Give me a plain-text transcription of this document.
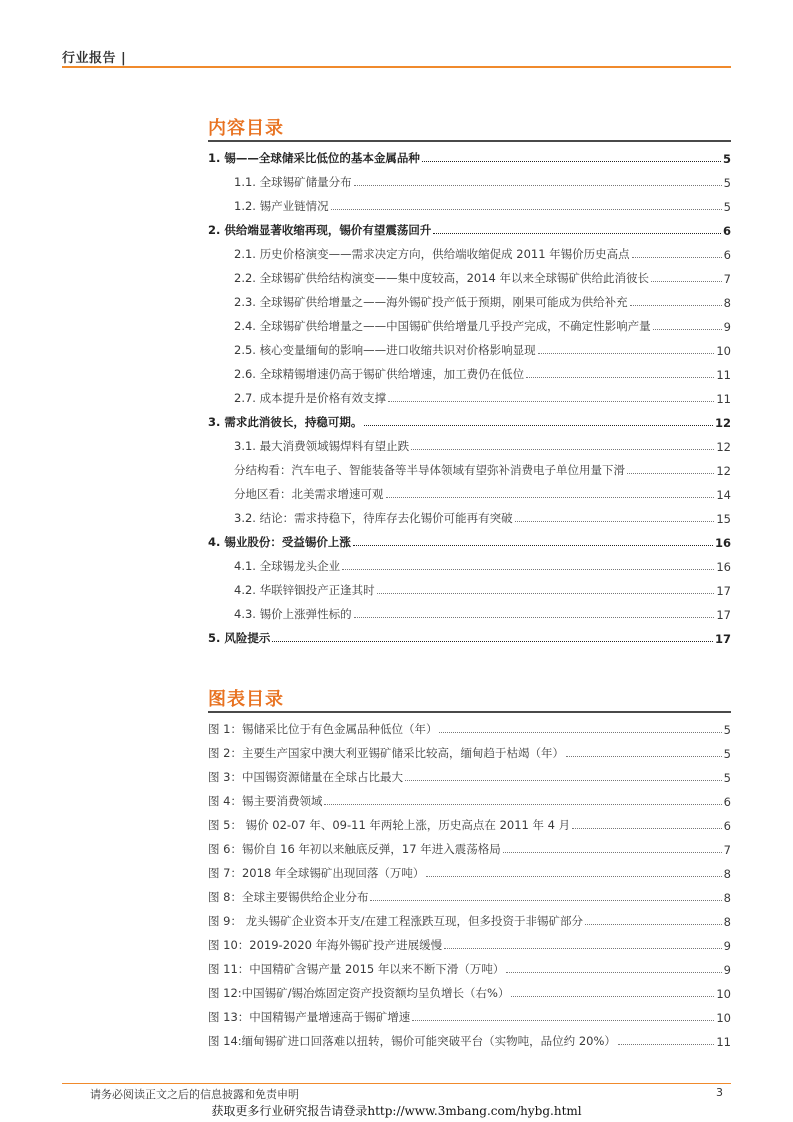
行业报告 |
内容目录
1. 锡——全球储采比低位的基本金属品种	5
1.1. 全球锡矿储量分布	5
1.2. 锡产业链情况	5
2. 供给端显著收缩再现，锡价有望震荡回升	6
2.1. 历史价格演变——需求决定方向，供给端收缩促成 2011 年锡价历史高点	6
2.2. 全球锡矿供给结构演变——集中度较高，2014 年以来全球锡矿供给此消彼长	7
2.3. 全球锡矿供给增量之——海外锡矿投产低于预期，刚果可能成为供给补充	8
2.4. 全球锡矿供给增量之——中国锡矿供给增量几乎投产完成，不确定性影响产量	9
2.5. 核心变量缅甸的影响——进口收缩共识对价格影响显现	10
2.6. 全球精锡增速仍高于锡矿供给增速，加工费仍在低位	11
2.7. 成本提升是价格有效支撑	11
3. 需求此消彼长，持稳可期。	12
3.1. 最大消费领域锡焊料有望止跌	12
分结构看：汽车电子、智能装备等半导体领域有望弥补消费电子单位用量下滑	12
分地区看：北美需求增速可观	14
3.2. 结论：需求持稳下，待库存去化锡价可能再有突破	15
4. 锡业股份：受益锡价上涨	16
4.1. 全球锡龙头企业	16
4.2. 华联锌铟投产正逢其时	17
4.3. 锡价上涨弹性标的	17
5. 风险提示	17
图表目录
图 1：锡储采比位于有色金属品种低位（年）	5
图 2：主要生产国家中澳大利亚锡矿储采比较高，缅甸趋于枯竭（年）	5
图 3：中国锡资源储量在全球占比最大	5
图 4：锡主要消费领域	6
图 5： 锡价 02-07 年、09-11 年两轮上涨，历史高点在 2011 年 4 月	6
图 6：锡价自 16 年初以来触底反弹，17 年进入震荡格局	7
图 7：2018 年全球锡矿出现回落（万吨）	8
图 8：全球主要锡供给企业分布	8
图 9： 龙头锡矿企业资本开支/在建工程涨跌互现，但多投资于非锡矿部分	8
图 10：2019-2020 年海外锡矿投产进展缓慢	9
图 11：中国精矿含锡产量 2015 年以来不断下滑（万吨）	9
图 12:中国锡矿/锡冶炼固定资产投资额均呈负增长（右%）	10
图 13：中国精锡产量增速高于锡矿增速	10
图 14:缅甸锡矿进口回落难以扭转，锡价可能突破平台（实物吨，品位约 20%）	11
请务必阅读正文之后的信息披露和免责申明	3
获取更多行业研究报告请登录http://www.3mbang.com/hybg.html
